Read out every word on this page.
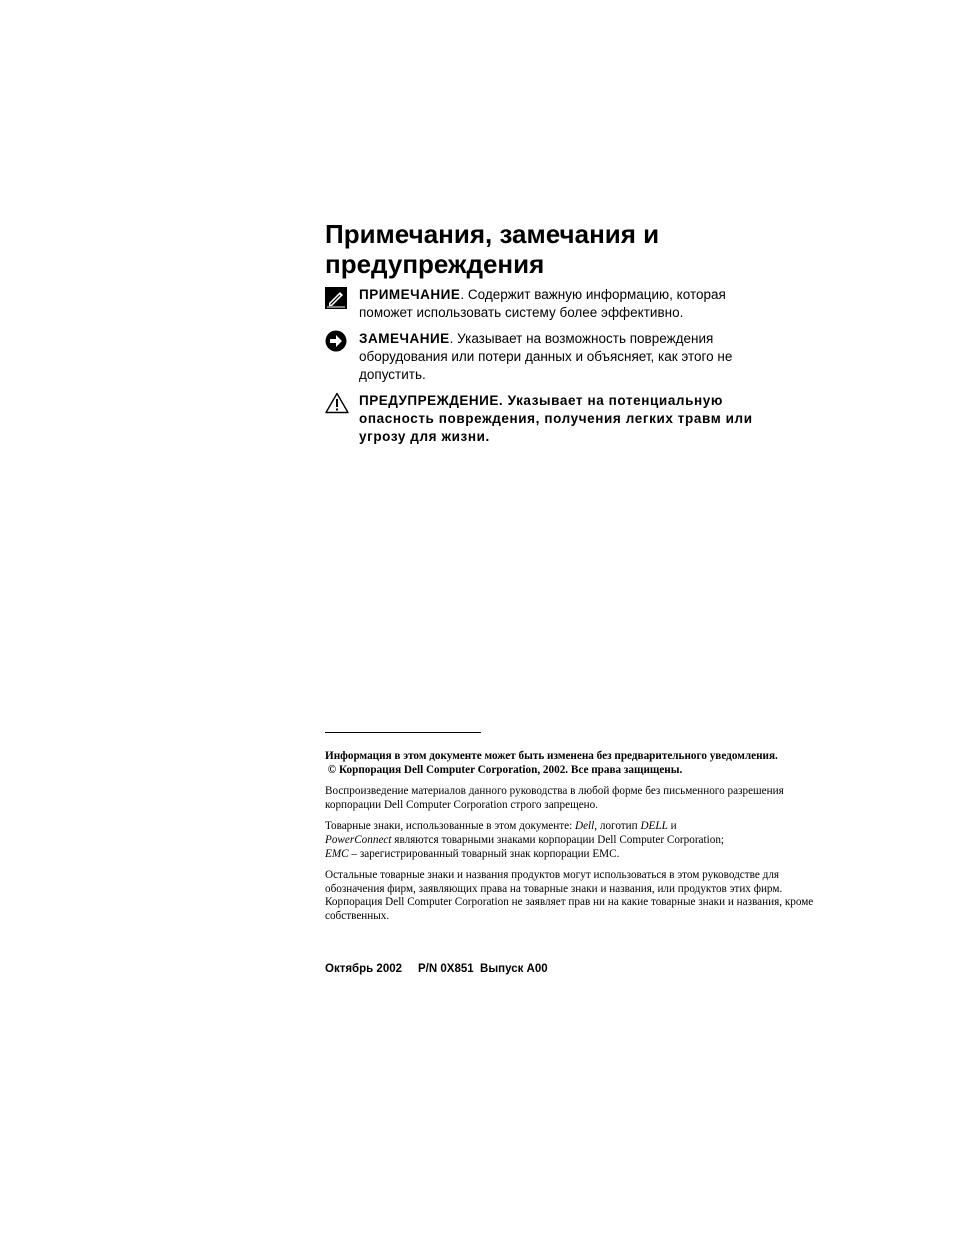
Примечания, замечания и предупреждения

ПРИМЕЧАНИЕ. Содержит важную информацию, которая поможет использовать систему более эффективно.

ЗАМЕЧАНИЕ. Указывает на возможность повреждения оборудования или потери данных и объясняет, как этого не допустить.

ПРЕДУПРЕЖДЕНИЕ. Указывает на потенциальную опасность повреждения, получения легких травм или угрозу для жизни.

Информация в этом документе может быть изменена без предварительного уведомления.
© Корпорация Dell Computer Corporation, 2002. Все права защищены.

Воспроизведение материалов данного руководства в любой форме без письменного разрешения корпорации Dell Computer Corporation строго запрещено.

Товарные знаки, использованные в этом документе: Dell, логотип DELL и
PowerConnect являются товарными знаками корпорации Dell Computer Corporation;
EMC – зарегистрированный товарный знак корпорации EMC.

Остальные товарные знаки и названия продуктов могут использоваться в этом руководстве для обозначения фирм, заявляющих права на товарные знаки и названия, или продуктов этих фирм. Корпорация Dell Computer Corporation не заявляет прав ни на какие товарные знаки и названия, кроме собственных.

Октябрь 2002 P/N 0X851 Выпуск A00
